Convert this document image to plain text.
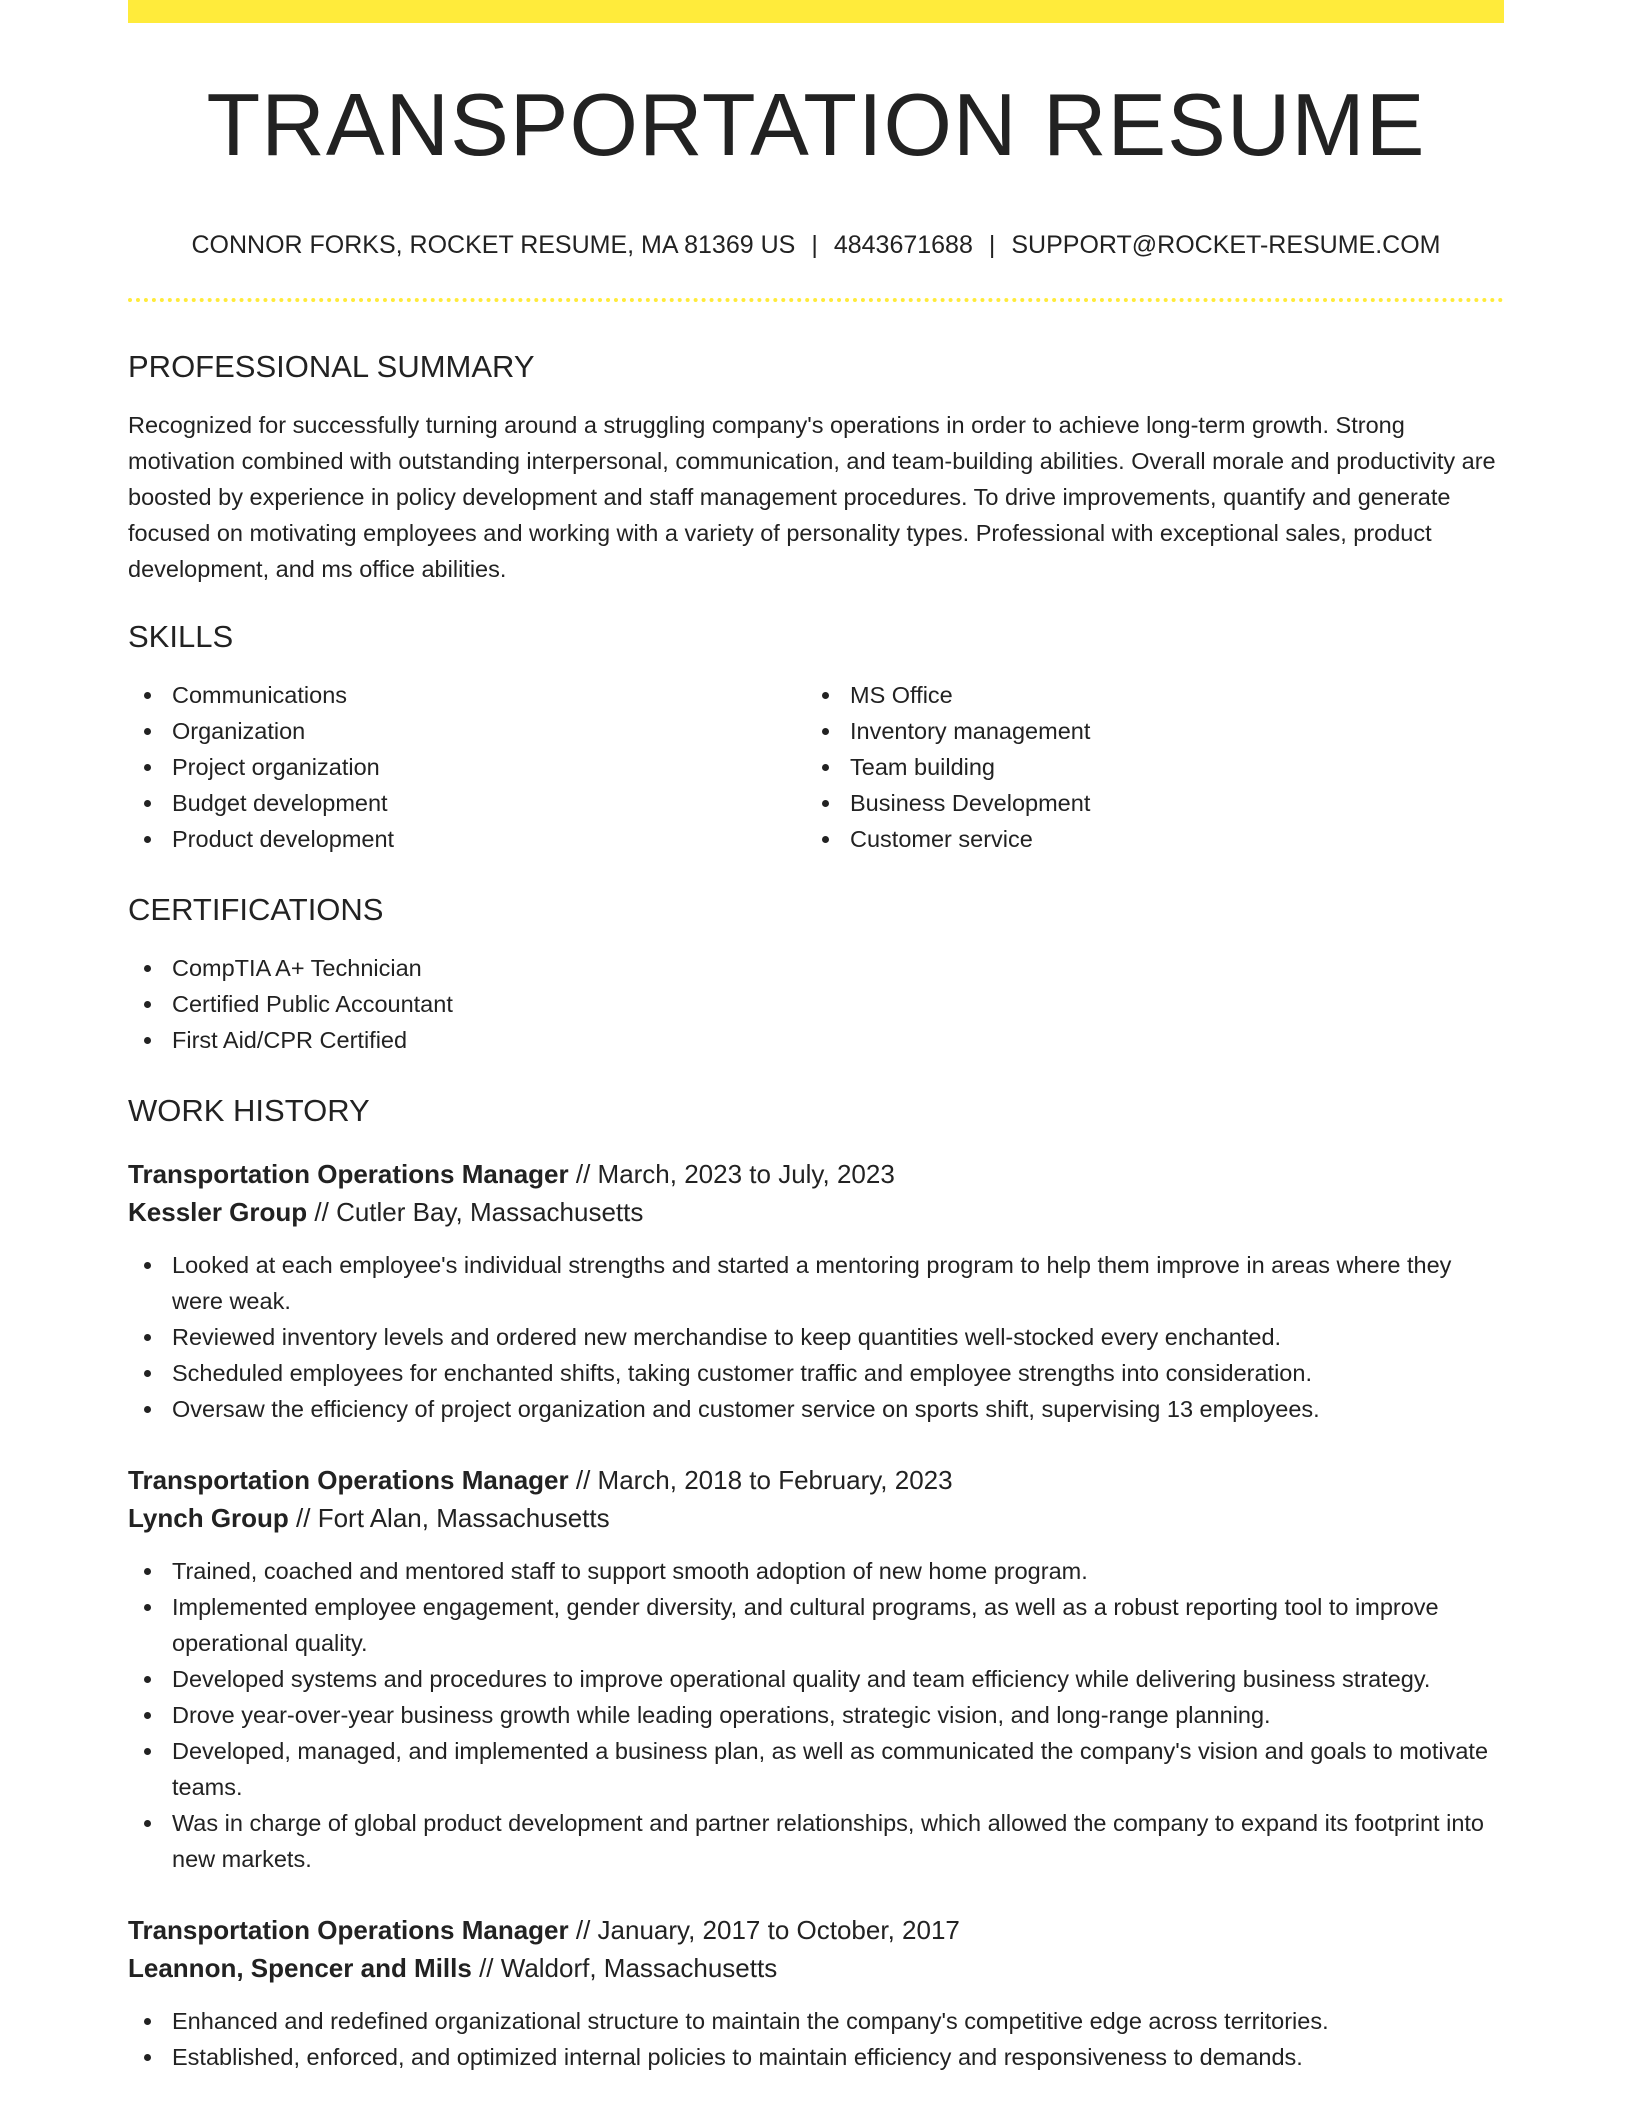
TRANSPORTATION RESUME
CONNOR FORKS, ROCKET RESUME, MA 81369 US | 4843671688 | SUPPORT@ROCKET-RESUME.COM
PROFESSIONAL SUMMARY
Recognized for successfully turning around a struggling company's operations in order to achieve long-term growth. Strong motivation combined with outstanding interpersonal, communication, and team-building abilities. Overall morale and productivity are boosted by experience in policy development and staff management procedures. To drive improvements, quantify and generate focused on motivating employees and working with a variety of personality types. Professional with exceptional sales, product development, and ms office abilities.
SKILLS
Communications
Organization
Project organization
Budget development
Product development
MS Office
Inventory management
Team building
Business Development
Customer service
CERTIFICATIONS
CompTIA A+ Technician
Certified Public Accountant
First Aid/CPR Certified
WORK HISTORY
Transportation Operations Manager // March, 2023 to July, 2023
Kessler Group // Cutler Bay, Massachusetts
Looked at each employee's individual strengths and started a mentoring program to help them improve in areas where they were weak.
Reviewed inventory levels and ordered new merchandise to keep quantities well-stocked every enchanted.
Scheduled employees for enchanted shifts, taking customer traffic and employee strengths into consideration.
Oversaw the efficiency of project organization and customer service on sports shift, supervising 13 employees.
Transportation Operations Manager // March, 2018 to February, 2023
Lynch Group // Fort Alan, Massachusetts
Trained, coached and mentored staff to support smooth adoption of new home program.
Implemented employee engagement, gender diversity, and cultural programs, as well as a robust reporting tool to improve operational quality.
Developed systems and procedures to improve operational quality and team efficiency while delivering business strategy.
Drove year-over-year business growth while leading operations, strategic vision, and long-range planning.
Developed, managed, and implemented a business plan, as well as communicated the company's vision and goals to motivate teams.
Was in charge of global product development and partner relationships, which allowed the company to expand its footprint into new markets.
Transportation Operations Manager // January, 2017 to October, 2017
Leannon, Spencer and Mills // Waldorf, Massachusetts
Enhanced and redefined organizational structure to maintain the company's competitive edge across territories.
Established, enforced, and optimized internal policies to maintain efficiency and responsiveness to demands.
